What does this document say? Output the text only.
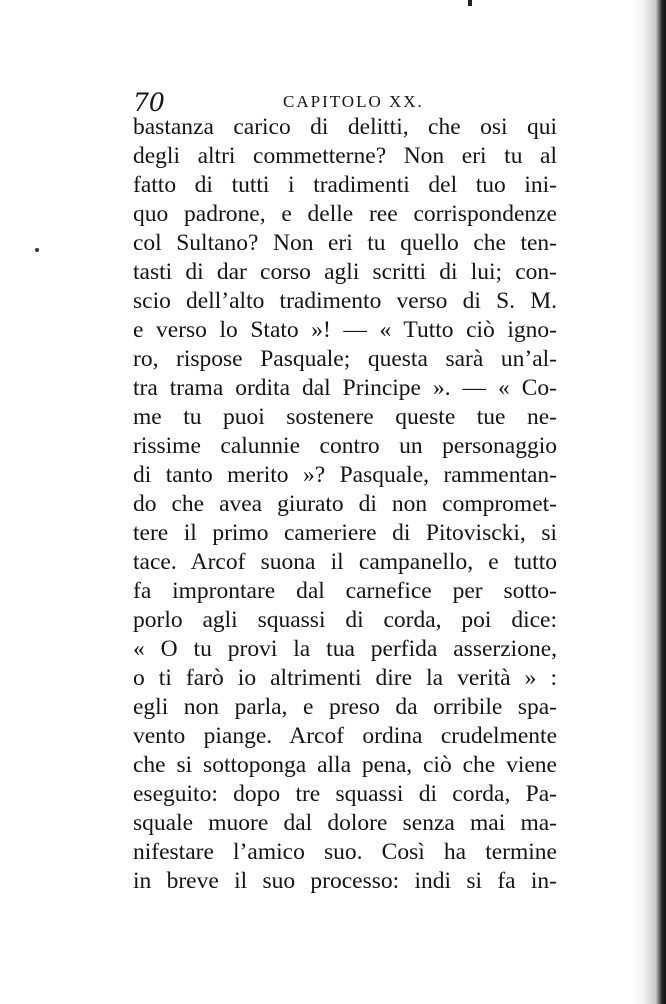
70	CAPITOLO XX.
bastanza carico di delitti, che osi qui
degli altri commetterne? Non eri tu al
fatto di tutti i tradimenti del tuo ini-
quo padrone, e delle ree corrispondenze
col Sultano? Non eri tu quello che ten-
tasti di dar corso agli scritti di lui; con-
scio dell’alto tradimento verso di S. M.
e verso lo Stato »! — « Tutto ciò igno-
ro, rispose Pasquale; questa sarà un’al-
tra trama ordita dal Principe ». — « Co-
me tu puoi sostenere queste tue ne-
rissime calunnie contro un personaggio
di tanto merito »? Pasquale, rammentan-
do che avea giurato di non compromet-
tere il primo cameriere di Pitoviscki, si
tace. Arcof suona il campanello, e tutto
fa improntare dal carnefice per sotto-
porlo agli squassi di corda, poi dice:
« O tu provi la tua perfida asserzione,
o ti farò io altrimenti dire la verità » :
egli non parla, e preso da orribile spa-
vento piange. Arcof ordina crudelmente
che si sottoponga alla pena, ciò che viene
eseguito: dopo tre squassi di corda, Pa-
squale muore dal dolore senza mai ma-
nifestare l’amico suo. Così ha termine
in breve il suo processo: indi si fa in-
